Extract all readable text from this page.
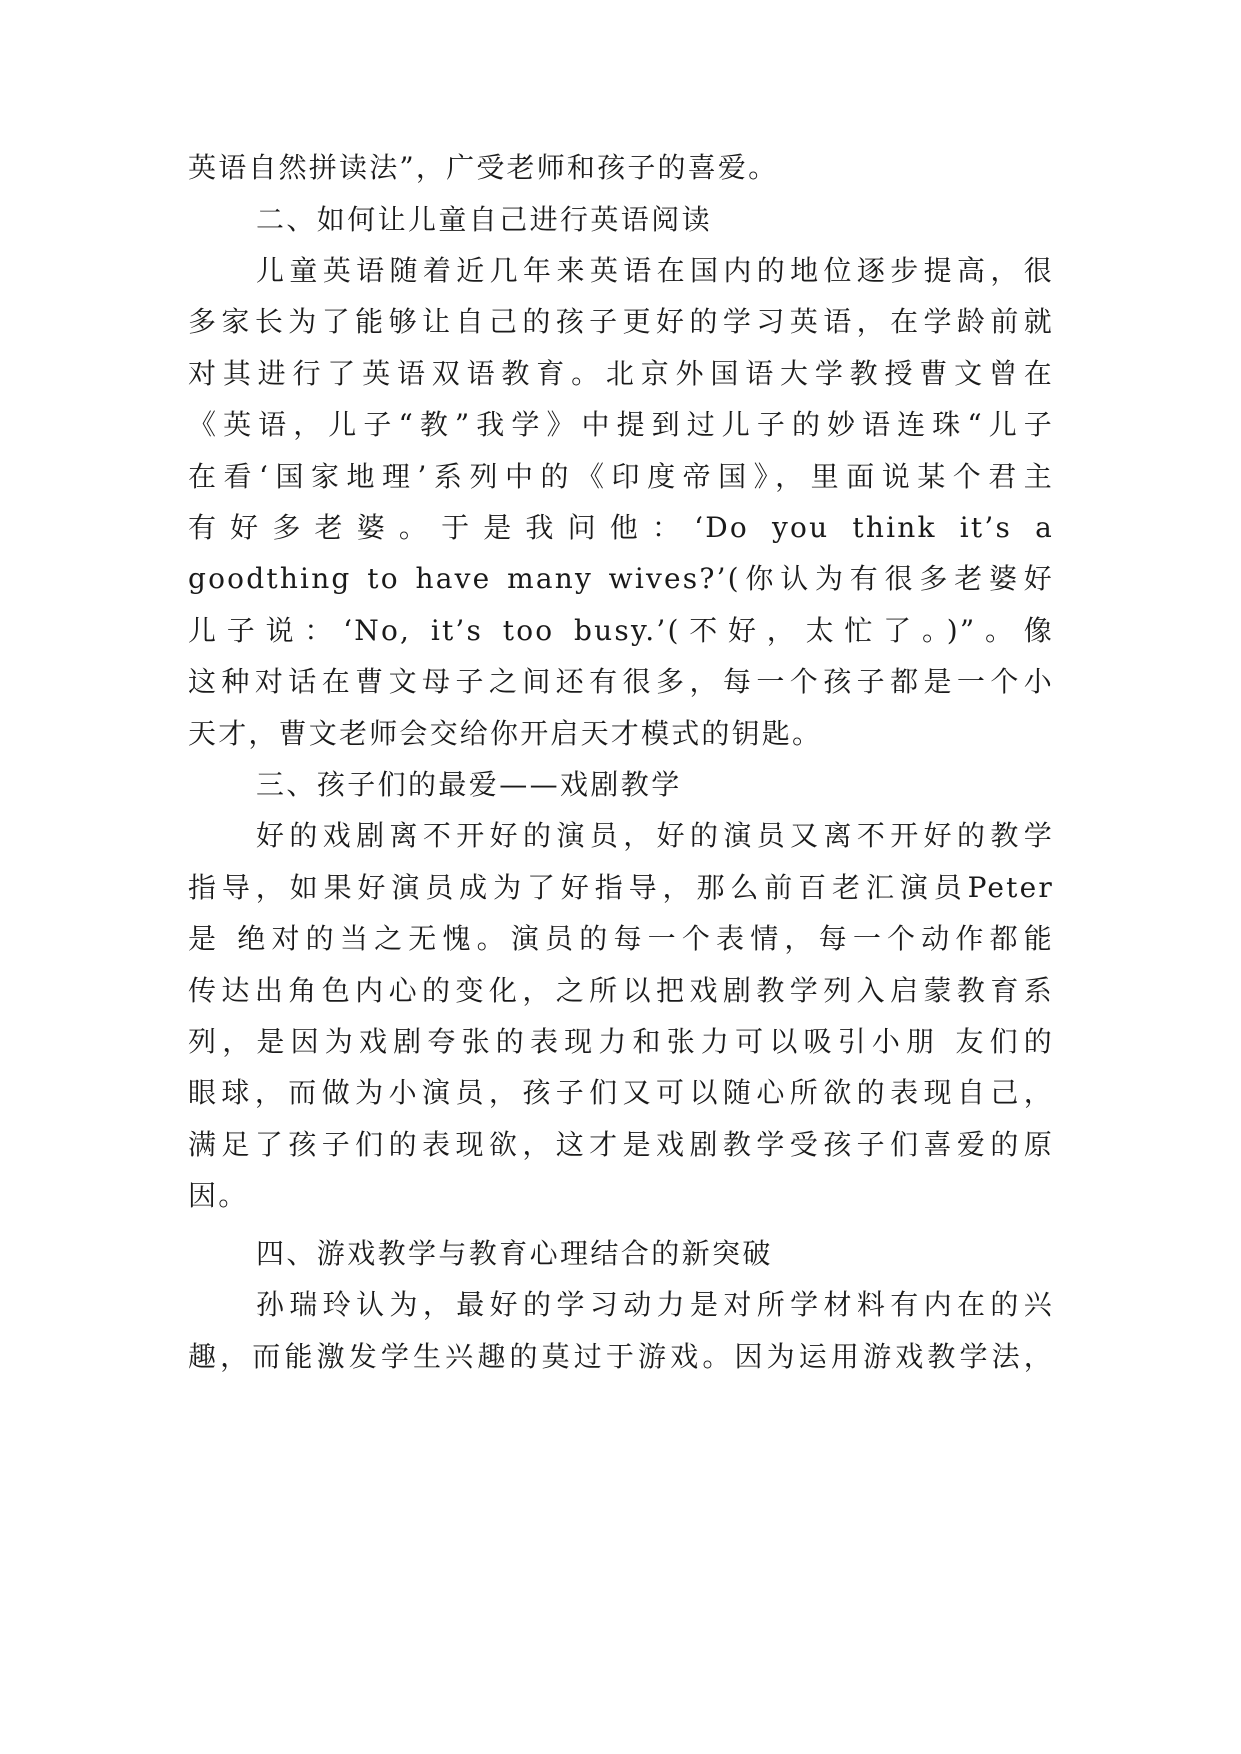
英语自然拼读法”，广受老师和孩子的喜爱。
二、如何让儿童自己进行英语阅读
儿童英语随着近几年来英语在国内的地位逐步提高，很
多家长为了能够让自己的孩子更好的学习英语，在学龄前就
对其进行了英语双语教育。北京外国语大学教授曹文曾在
《英语，儿子“教”我学》中提到过儿子的妙语连珠“儿子
在看‘国家地理’系列中的《印度帝国》，里面说某个君主
有好多老婆。于是我问他：‘Do you think it’s a
goodthing to have many wives?’(你认为有很多老婆好
儿子说：‘No, it’s too busy.’(不好，太忙了。)”。像
这种对话在曹文母子之间还有很多，每一个孩子都是一个小
天才，曹文老师会交给你开启天才模式的钥匙。
三、孩子们的最爱——戏剧教学
好的戏剧离不开好的演员，好的演员又离不开好的教学
指导，如果好演员成为了好指导，那么前百老汇演员Peter
是 绝对的当之无愧。演员的每一个表情，每一个动作都能
传达出角色内心的变化，之所以把戏剧教学列入启蒙教育系
列，是因为戏剧夸张的表现力和张力可以吸引小朋 友们的
眼球，而做为小演员，孩子们又可以随心所欲的表现自己，
满足了孩子们的表现欲，这才是戏剧教学受孩子们喜爱的原
因。
四、游戏教学与教育心理结合的新突破
孙瑞玲认为，最好的学习动力是对所学材料有内在的兴
趣，而能激发学生兴趣的莫过于游戏。因为运用游戏教学法，
